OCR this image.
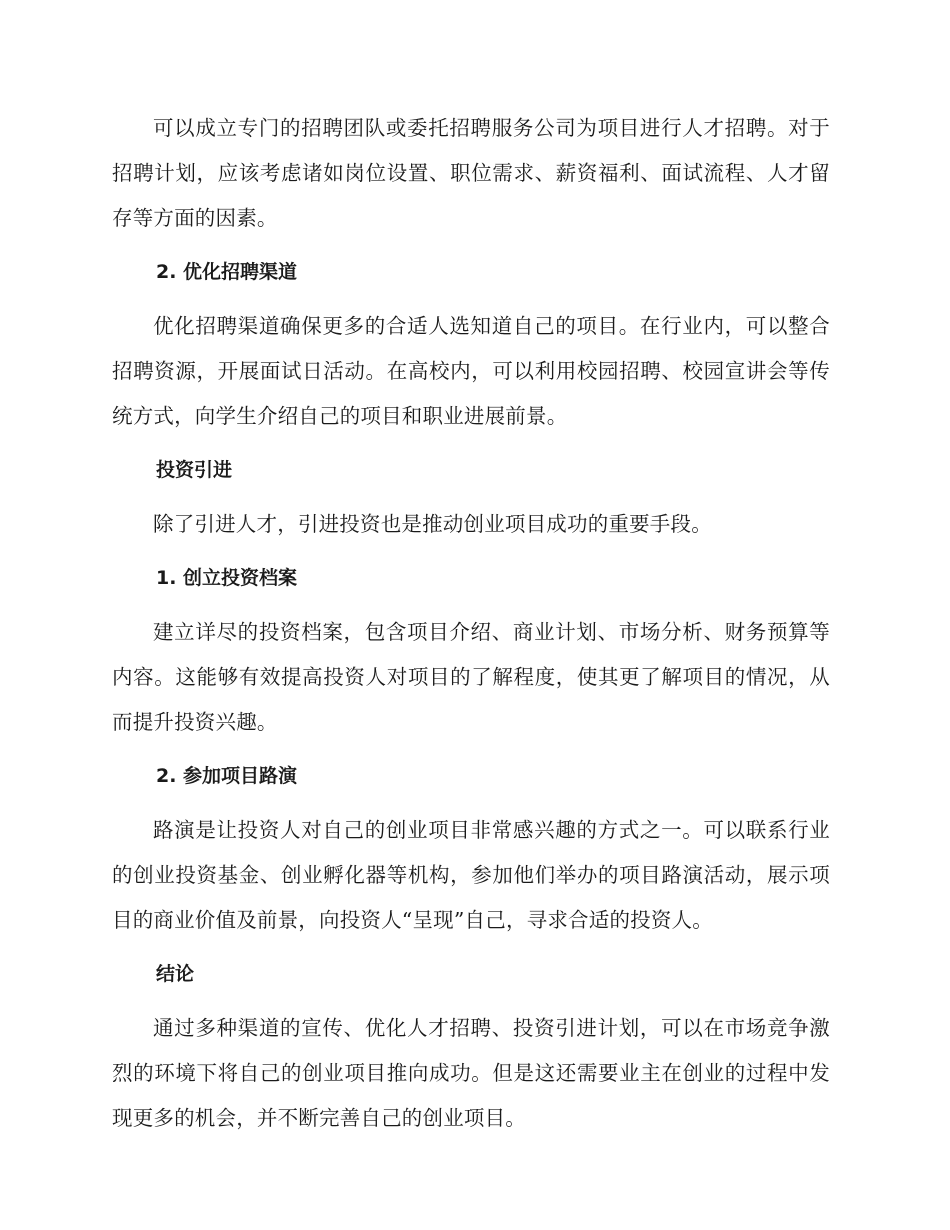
可以成立专门的招聘团队或委托招聘服务公司为项目进行人才招聘。对于招聘计划，应该考虑诸如岗位设置、职位需求、薪资福利、面试流程、人才留存等方面的因素。

2. 优化招聘渠道

优化招聘渠道确保更多的合适人选知道自己的项目。在行业内，可以整合招聘资源，开展面试日活动。在高校内，可以利用校园招聘、校园宣讲会等传统方式，向学生介绍自己的项目和职业进展前景。

投资引进

除了引进人才，引进投资也是推动创业项目成功的重要手段。

1. 创立投资档案

建立详尽的投资档案，包含项目介绍、商业计划、市场分析、财务预算等内容。这能够有效提高投资人对项目的了解程度，使其更了解项目的情况，从而提升投资兴趣。

2. 参加项目路演

路演是让投资人对自己的创业项目非常感兴趣的方式之一。可以联系行业的创业投资基金、创业孵化器等机构，参加他们举办的项目路演活动，展示项目的商业价值及前景，向投资人“呈现”自己，寻求合适的投资人。

结论

通过多种渠道的宣传、优化人才招聘、投资引进计划，可以在市场竞争激烈的环境下将自己的创业项目推向成功。但是这还需要业主在创业的过程中发现更多的机会，并不断完善自己的创业项目。
